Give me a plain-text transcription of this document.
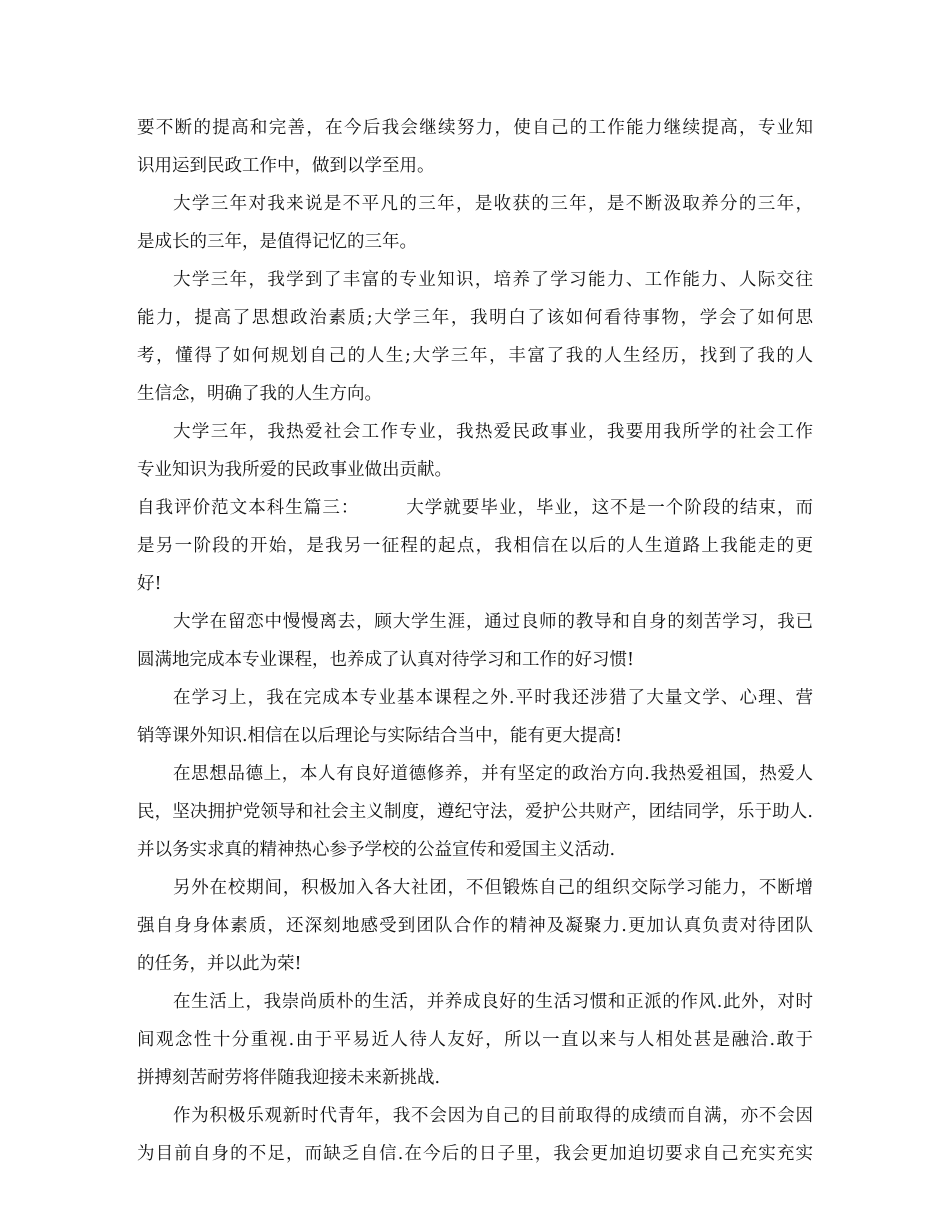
要不断的提高和完善，在今后我会继续努力，使自己的工作能力继续提高，专业知
识用运到民政工作中，做到以学至用。
大学三年对我来说是不平凡的三年，是收获的三年，是不断汲取养分的三年，
是成长的三年，是值得记忆的三年。
大学三年，我学到了丰富的专业知识，培养了学习能力、工作能力、人际交往
能力，提高了思想政治素质;大学三年，我明白了该如何看待事物，学会了如何思
考，懂得了如何规划自己的人生;大学三年，丰富了我的人生经历，找到了我的人
生信念，明确了我的人生方向。
大学三年，我热爱社会工作专业，我热爱民政事业，我要用我所学的社会工作
专业知识为我所爱的民政事业做出贡献。
自我评价范文本科生篇三：　　　大学就要毕业，毕业，这不是一个阶段的结束，而
是另一阶段的开始，是我另一征程的起点，我相信在以后的人生道路上我能走的更
好!
大学在留恋中慢慢离去，顾大学生涯，通过良师的教导和自身的刻苦学习，我已
圆满地完成本专业课程，也养成了认真对待学习和工作的好习惯!
在学习上，我在完成本专业基本课程之外.平时我还涉猎了大量文学、心理、营
销等课外知识.相信在以后理论与实际结合当中，能有更大提高!
在思想品德上，本人有良好道德修养，并有坚定的政治方向.我热爱祖国，热爱人
民，坚决拥护党领导和社会主义制度，遵纪守法，爱护公共财产，团结同学，乐于助人.
并以务实求真的精神热心参予学校的公益宣传和爱国主义活动.
另外在校期间，积极加入各大社团，不但锻炼自己的组织交际学习能力，不断增
强自身身体素质，还深刻地感受到团队合作的精神及凝聚力.更加认真负责对待团队
的任务，并以此为荣!
在生活上，我崇尚质朴的生活，并养成良好的生活习惯和正派的作风.此外，对时
间观念性十分重视.由于平易近人待人友好，所以一直以来与人相处甚是融洽.敢于
拼搏刻苦耐劳将伴随我迎接未来新挑战.
作为积极乐观新时代青年，我不会因为自己的目前取得的成绩而自满，亦不会因
为目前自身的不足，而缺乏自信.在今后的日子里，我会更加迫切要求自己充实充实
